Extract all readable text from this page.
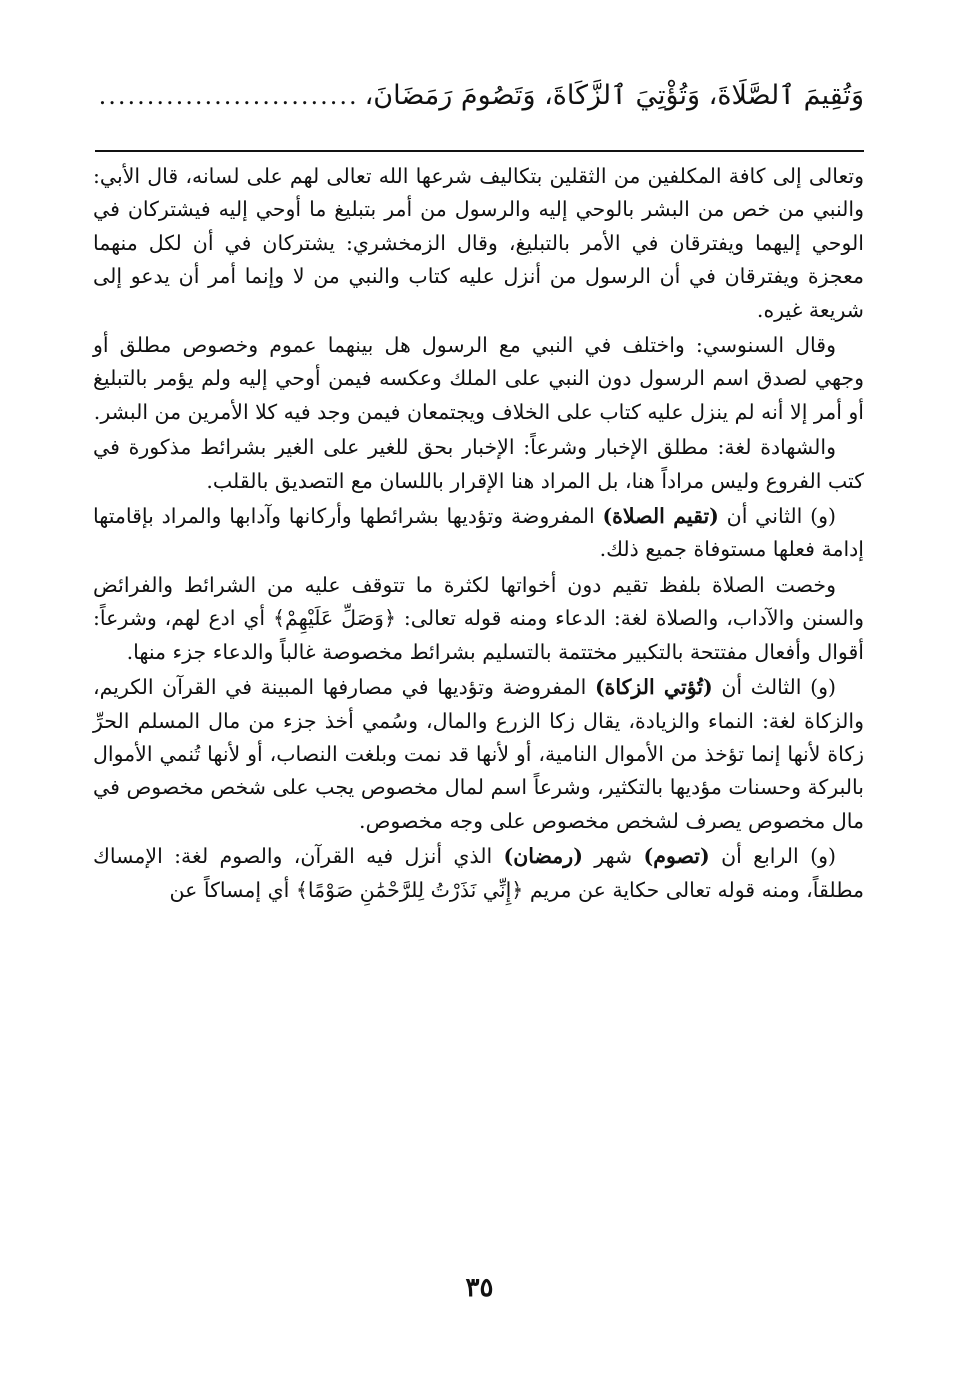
وَتُقِيمَ ٱلصَّلَاةَ، وَتُؤْتِيَ ٱلزَّكَاةَ، وَتَصُومَ رَمَضَانَ،
...........................

وتعالى إلى كافة المكلفين من الثقلين بتكاليف شرعها الله تعالى لهم على لسانه، قال الأبي: والنبي من خص من البشر بالوحي إليه والرسول من أمر بتبليغ ما أوحي إليه فيشتركان في الوحي إليهما ويفترقان في الأمر بالتبليغ، وقال الزمخشري: يشتركان في أن لكل منهما معجزة ويفترقان في أن الرسول من أنزل عليه كتاب والنبي من لا وإنما أمر أن يدعو إلى شريعة غيره.

وقال السنوسي: واختلف في النبي مع الرسول هل بينهما عموم وخصوص مطلق أو وجهي لصدق اسم الرسول دون النبي على الملك وعكسه فيمن أوحي إليه ولم يؤمر بالتبليغ أو أمر إلا أنه لم ينزل عليه كتاب على الخلاف ويجتمعان فيمن وجد فيه كلا الأمرين من البشر.

والشهادة لغة: مطلق الإخبار وشرعاً: الإخبار بحق للغير على الغير بشرائط مذكورة في كتب الفروع وليس مراداً هنا، بل المراد هنا الإقرار باللسان مع التصديق بالقلب.

(و) الثاني أن (تقيم الصلاة) المفروضة وتؤديها بشرائطها وأركانها وآدابها والمراد بإقامتها إدامة فعلها مستوفاة جميع ذلك.

وخصت الصلاة بلفظ تقيم دون أخواتها لكثرة ما تتوقف عليه من الشرائط والفرائض والسنن والآداب، والصلاة لغة: الدعاء ومنه قوله تعالى: ﴿وَصَلِّ عَلَيْهِمْ﴾ أي ادع لهم، وشرعاً: أقوال وأفعال مفتتحة بالتكبير مختتمة بالتسليم بشرائط مخصوصة غالباً والدعاء جزء منها.

(و) الثالث أن (تُؤتي الزكاة) المفروضة وتؤديها في مصارفها المبينة في القرآن الكريم، والزكاة لغة: النماء والزيادة، يقال زكا الزرع والمال، وسُمي أخذ جزء من مال المسلم الحرِّ زكاة لأنها إنما تؤخذ من الأموال النامية، أو لأنها قد نمت وبلغت النصاب، أو لأنها تُنمي الأموال بالبركة وحسنات مؤديها بالتكثير، وشرعاً اسم لمال مخصوص يجب على شخص مخصوص في مال مخصوص يصرف لشخص مخصوص على وجه مخصوص.

(و) الرابع أن (تصوم) شهر (رمضان) الذي أنزل فيه القرآن، والصوم لغة: الإمساك مطلقاً، ومنه قوله تعالى حكاية عن مريم ﴿إِنِّي نَذَرْتُ لِلرَّحْمَٰنِ صَوْمًا﴾ أي إمساكاً عن

٣٥
